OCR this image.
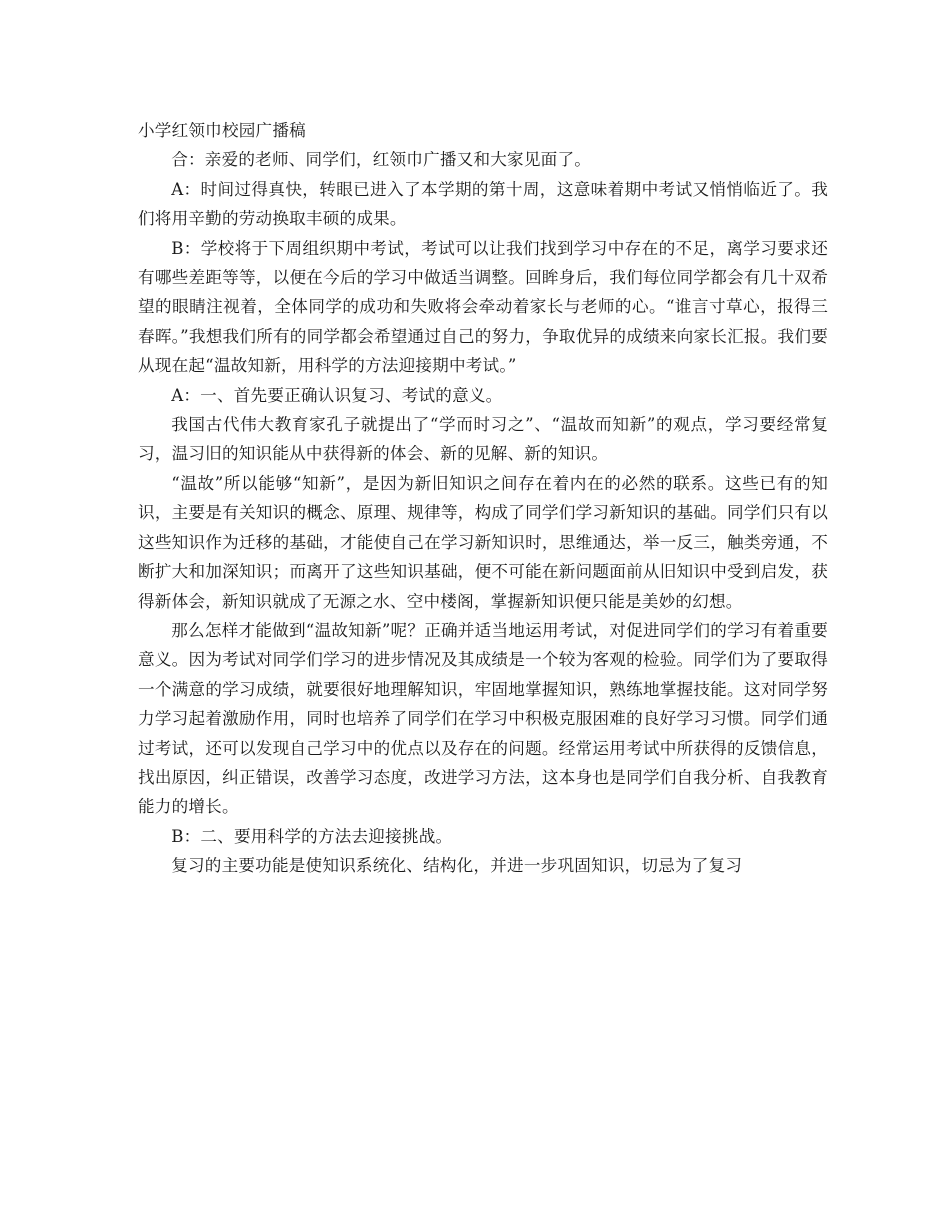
小学红领巾校园广播稿

合：亲爱的老师、同学们，红领巾广播又和大家见面了。

A：时间过得真快，转眼已进入了本学期的第十周，这意味着期中考试又悄悄临近了。我们将用辛勤的劳动换取丰硕的成果。

B：学校将于下周组织期中考试，考试可以让我们找到学习中存在的不足，离学习要求还有哪些差距等等，以便在今后的学习中做适当调整。回眸身后，我们每位同学都会有几十双希望的眼睛注视着，全体同学的成功和失败将会牵动着家长与老师的心。“谁言寸草心，报得三春晖。”我想我们所有的同学都会希望通过自己的努力，争取优异的成绩来向家长汇报。我们要从现在起“温故知新，用科学的方法迎接期中考试。”

A：一、首先要正确认识复习、考试的意义。

我国古代伟大教育家孔子就提出了“学而时习之”、“温故而知新”的观点，学习要经常复习，温习旧的知识能从中获得新的体会、新的见解、新的知识。

“温故”所以能够“知新”，是因为新旧知识之间存在着内在的必然的联系。这些已有的知识，主要是有关知识的概念、原理、规律等，构成了同学们学习新知识的基础。同学们只有以这些知识作为迁移的基础，才能使自己在学习新知识时，思维通达，举一反三，触类旁通，不断扩大和加深知识；而离开了这些知识基础，便不可能在新问题面前从旧知识中受到启发，获得新体会，新知识就成了无源之水、空中楼阁，掌握新知识便只能是美妙的幻想。

那么怎样才能做到“温故知新”呢？正确并适当地运用考试，对促进同学们的学习有着重要意义。因为考试对同学们学习的进步情况及其成绩是一个较为客观的检验。同学们为了要取得一个满意的学习成绩，就要很好地理解知识，牢固地掌握知识，熟练地掌握技能。这对同学努力学习起着激励作用，同时也培养了同学们在学习中积极克服困难的良好学习习惯。同学们通过考试，还可以发现自己学习中的优点以及存在的问题。经常运用考试中所获得的反馈信息，找出原因，纠正错误，改善学习态度，改进学习方法，这本身也是同学们自我分析、自我教育能力的增长。

B：二、要用科学的方法去迎接挑战。

复习的主要功能是使知识系统化、结构化，并进一步巩固知识，切忌为了复习
